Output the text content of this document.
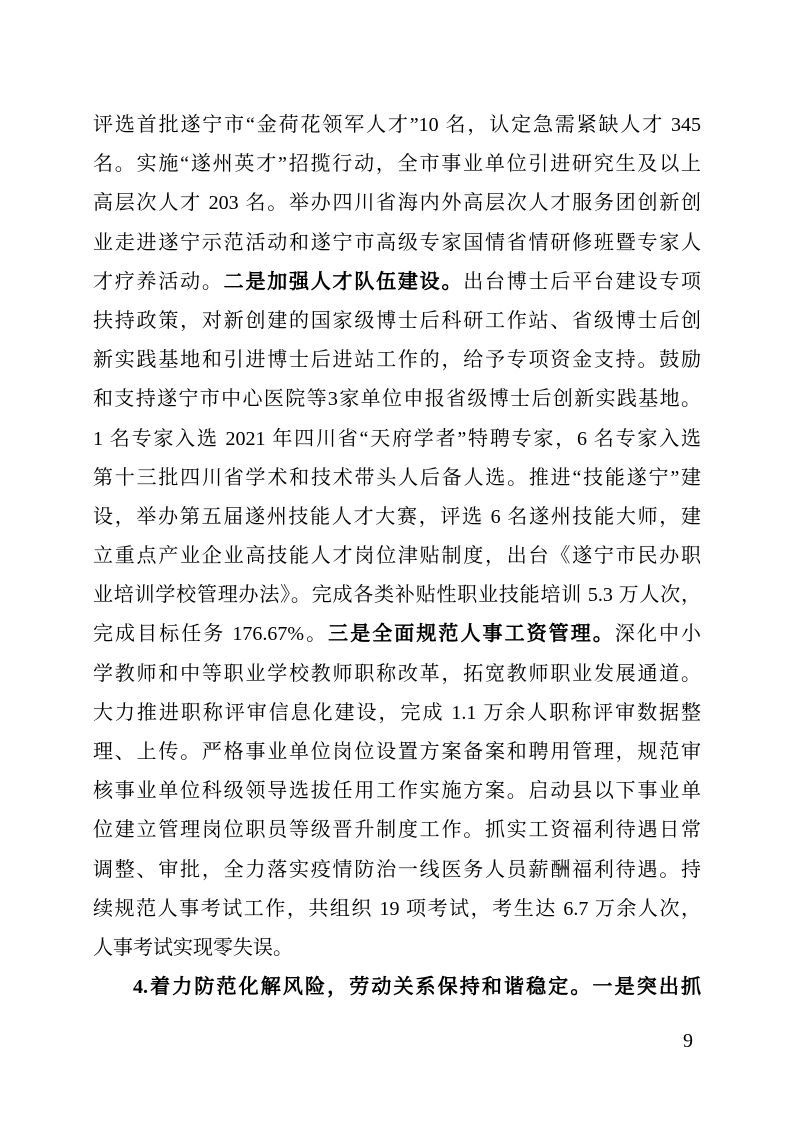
评选首批遂宁市“金荷花领军人才”10 名，认定急需紧缺人才 345
名。实施“遂州英才”招揽行动，全市事业单位引进研究生及以上
高层次人才 203 名。举办四川省海内外高层次人才服务团创新创
业走进遂宁示范活动和遂宁市高级专家国情省情研修班暨专家人
才疗养活动。二是加强人才队伍建设。出台博士后平台建设专项
扶持政策，对新创建的国家级博士后科研工作站、省级博士后创
新实践基地和引进博士后进站工作的，给予专项资金支持。鼓励
和支持遂宁市中心医院等3家单位申报省级博士后创新实践基地。
1 名专家入选 2021 年四川省“天府学者”特聘专家，6 名专家入选
第十三批四川省学术和技术带头人后备人选。推进“技能遂宁”建
设，举办第五届遂州技能人才大赛，评选 6 名遂州技能大师，建
立重点产业企业高技能人才岗位津贴制度，出台《遂宁市民办职
业培训学校管理办法》。完成各类补贴性职业技能培训 5.3 万人次，
完成目标任务 176.67%。三是全面规范人事工资管理。深化中小
学教师和中等职业学校教师职称改革，拓宽教师职业发展通道。
大力推进职称评审信息化建设，完成 1.1 万余人职称评审数据整
理、上传。严格事业单位岗位设置方案备案和聘用管理，规范审
核事业单位科级领导选拔任用工作实施方案。启动县以下事业单
位建立管理岗位职员等级晋升制度工作。抓实工资福利待遇日常
调整、审批，全力落实疫情防治一线医务人员薪酬福利待遇。持
续规范人事考试工作，共组织 19 项考试，考生达 6.7 万余人次，
人事考试实现零失误。
4.着力防范化解风险，劳动关系保持和谐稳定。一是突出抓
9
